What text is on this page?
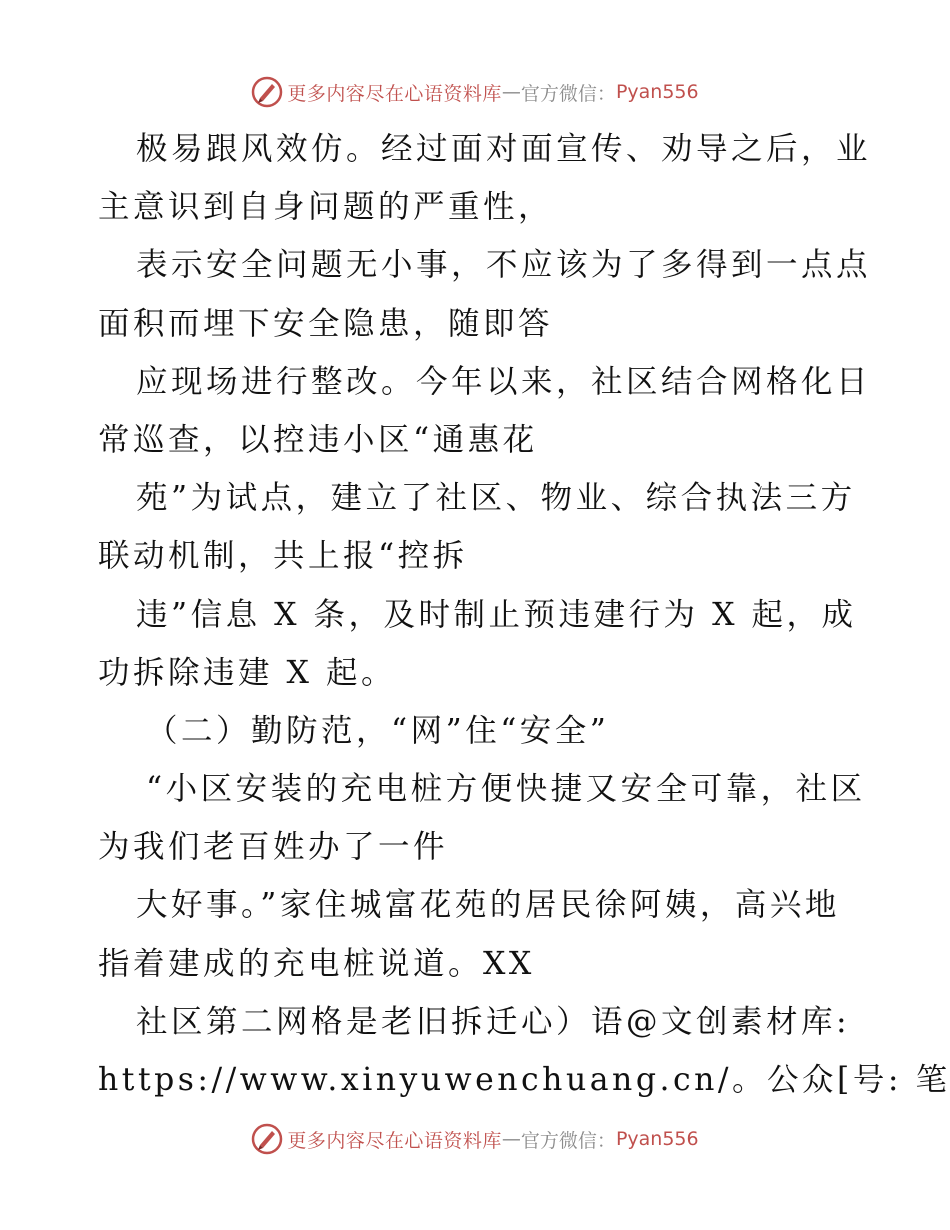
更多内容尽在心语资料库 — 官方微信： Pyan556
极易跟风效仿。经过面对面宣传、劝导之后，业
主意识到自身问题的严重性，
表示安全问题无小事，不应该为了多得到一点点
面积而埋下安全隐患，随即答
应现场进行整改。今年以来，社区结合网格化日
常巡查，以控违小区“通惠花
苑”为试点，建立了社区、物业、综合执法三方
联动机制，共上报“控拆
违”信息 X 条，及时制止预违建行为 X 起，成
功拆除违建 X 起。
（二）勤防范，“网”住“安全”
“小区安装的充电桩方便快捷又安全可靠，社区
为我们老百姓办了一件
大好事。”家住城富花苑的居民徐阿姨，高兴地
指着建成的充电桩说道。XX
社区第二网格是老旧拆迁心）语@文创素材库:
https://www.xinyuwenchuang.cn/。公众[号: 笔
更多内容尽在心语资料库 — 官方微信： Pyan556
